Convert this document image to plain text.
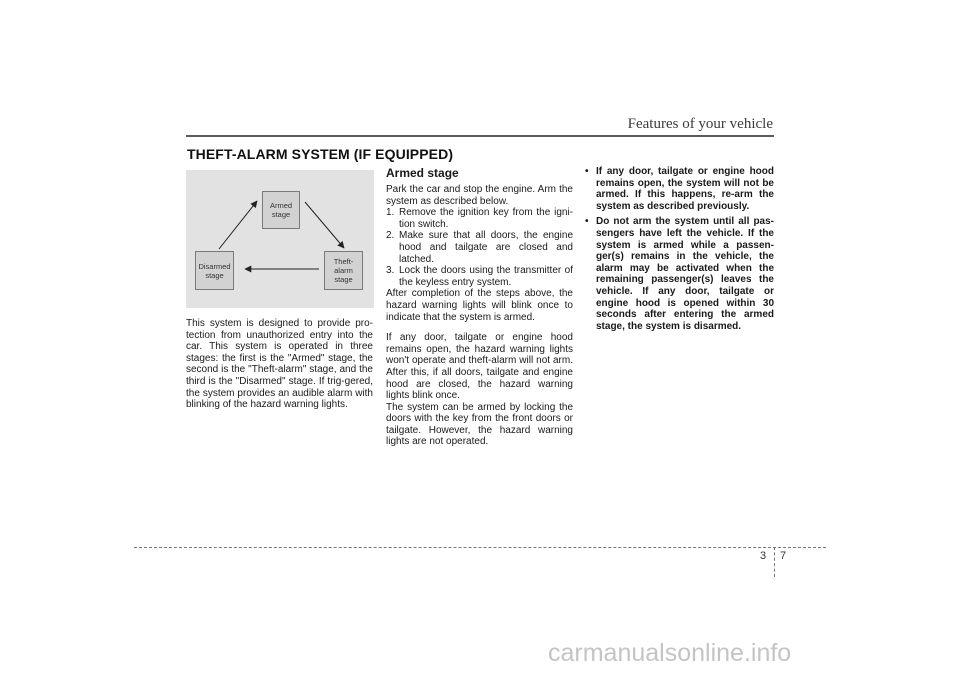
Features of your vehicle
THEFT-ALARM SYSTEM (IF EQUIPPED)
Armed
stage
Theft-alarm
stage
Disarmed
stage

This system is designed to provide pro-tection from unauthorized entry into the car. This system is operated in three stages: the first is the "Armed" stage, the second is the "Theft-alarm" stage, and the third is the "Disarmed" stage. If trig-gered, the system provides an audible alarm with blinking of the hazard warning lights.

Armed stage

Park the car and stop the engine. Arm the system as described below.

1. Remove the ignition key from the igni-tion switch.
2. Make sure that all doors, the engine hood and tailgate are closed and latched.
3. Lock the doors using the transmitter of the keyless entry system.

After completion of the steps above, the hazard warning lights will blink once to indicate that the system is armed.

If any door, tailgate or engine hood remains open, the hazard warning lights won't operate and theft-alarm will not arm. After this, if all doors, tailgate and engine hood are closed, the hazard warning lights blink once.

The system can be armed by locking the doors with the key from the front doors or tailgate. However, the hazard warning lights are not operated.

• If any door, tailgate or engine hood remains open, the system will not be armed. If this happens, re-arm the system as described previously.
• Do not arm the system until all pas-sengers have left the vehicle. If the system is armed while a passen-ger(s) remains in the vehicle, the alarm may be activated when the remaining passenger(s) leaves the vehicle. If any door, tailgate or engine hood is opened within 30 seconds after entering the armed stage, the system is disarmed.
3 7
carmanualsonline.info
